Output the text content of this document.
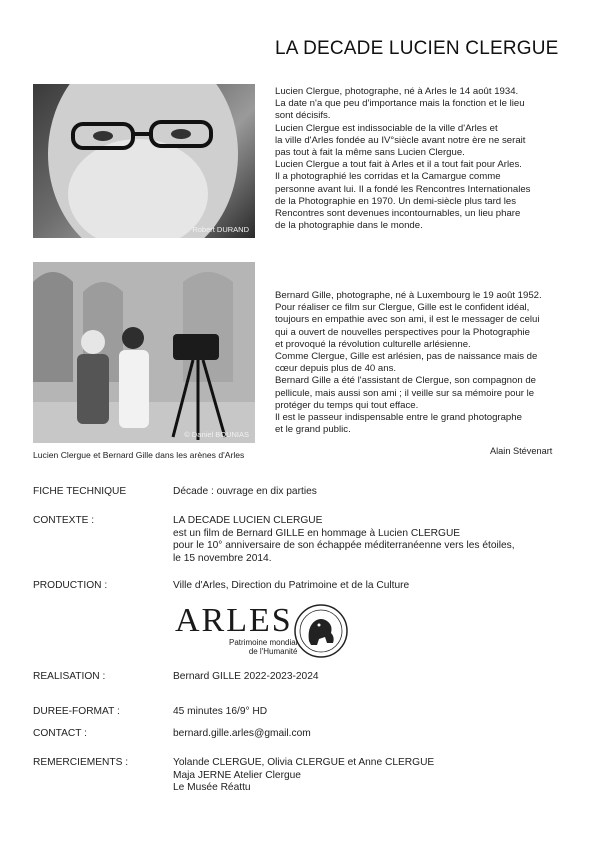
LA DECADE LUCIEN CLERGUE
Robert DURAND
Lucien Clergue, photographe, né à Arles le 14 août 1934.
La date n'a que peu d'importance mais la fonction et le lieu
sont décisifs.
Lucien Clergue est indissociable de la ville d'Arles et
la ville d'Arles fondée au IV°siècle avant notre ère ne serait
pas tout à fait la même sans Lucien Clergue.
Lucien Clergue a tout fait à Arles et il a tout fait pour Arles.
Il a photographié les corridas et la Camargue comme
personne avant lui. Il a fondé les Rencontres Internationales
de la Photographie en 1970. Un demi-siècle plus tard les
Rencontres sont devenues incontournables, un lieu phare
de la photographie dans le monde.
© Daniel BOUNIAS
Lucien Clergue et Bernard Gille dans les arènes d'Arles
Bernard Gille, photographe, né à Luxembourg le 19 août 1952.
Pour réaliser ce film sur Clergue, Gille est le confident idéal,
toujours en empathie avec son ami, il est le messager de celui
qui a ouvert de nouvelles perspectives pour la Photographie
et provoqué la révolution culturelle arlésienne.
Comme Clergue, Gille est arlésien, pas de naissance mais de
cœur depuis plus de 40 ans.
Bernard Gille a été l'assistant de Clergue, son compagnon de
pellicule, mais aussi son ami ; il veille sur sa mémoire pour le
protéger du temps qui tout efface.
Il est le passeur indispensable entre le grand photographe
et le grand public.
Alain Stévenart
FICHE TECHNIQUE	Décade : ouvrage en dix parties
CONTEXTE :	LA DECADE LUCIEN CLERGUE
est un film de Bernard GILLE en hommage à Lucien CLERGUE
pour le 10° anniversaire de son échappée méditerranéenne vers les étoiles,
le 15 novembre 2014.
PRODUCTION :	Ville d'Arles, Direction du Patrimoine et de la Culture
ARLES
Patrimoine mondial
de l'Humanité
REALISATION :	Bernard GILLE 2022-2023-2024
DUREE-FORMAT :	45 minutes 16/9° HD
CONTACT :	bernard.gille.arles@gmail.com
REMERCIEMENTS :	Yolande CLERGUE, Olivia CLERGUE et Anne CLERGUE
Maja JERNE Atelier Clergue
Le Musée Réattu
